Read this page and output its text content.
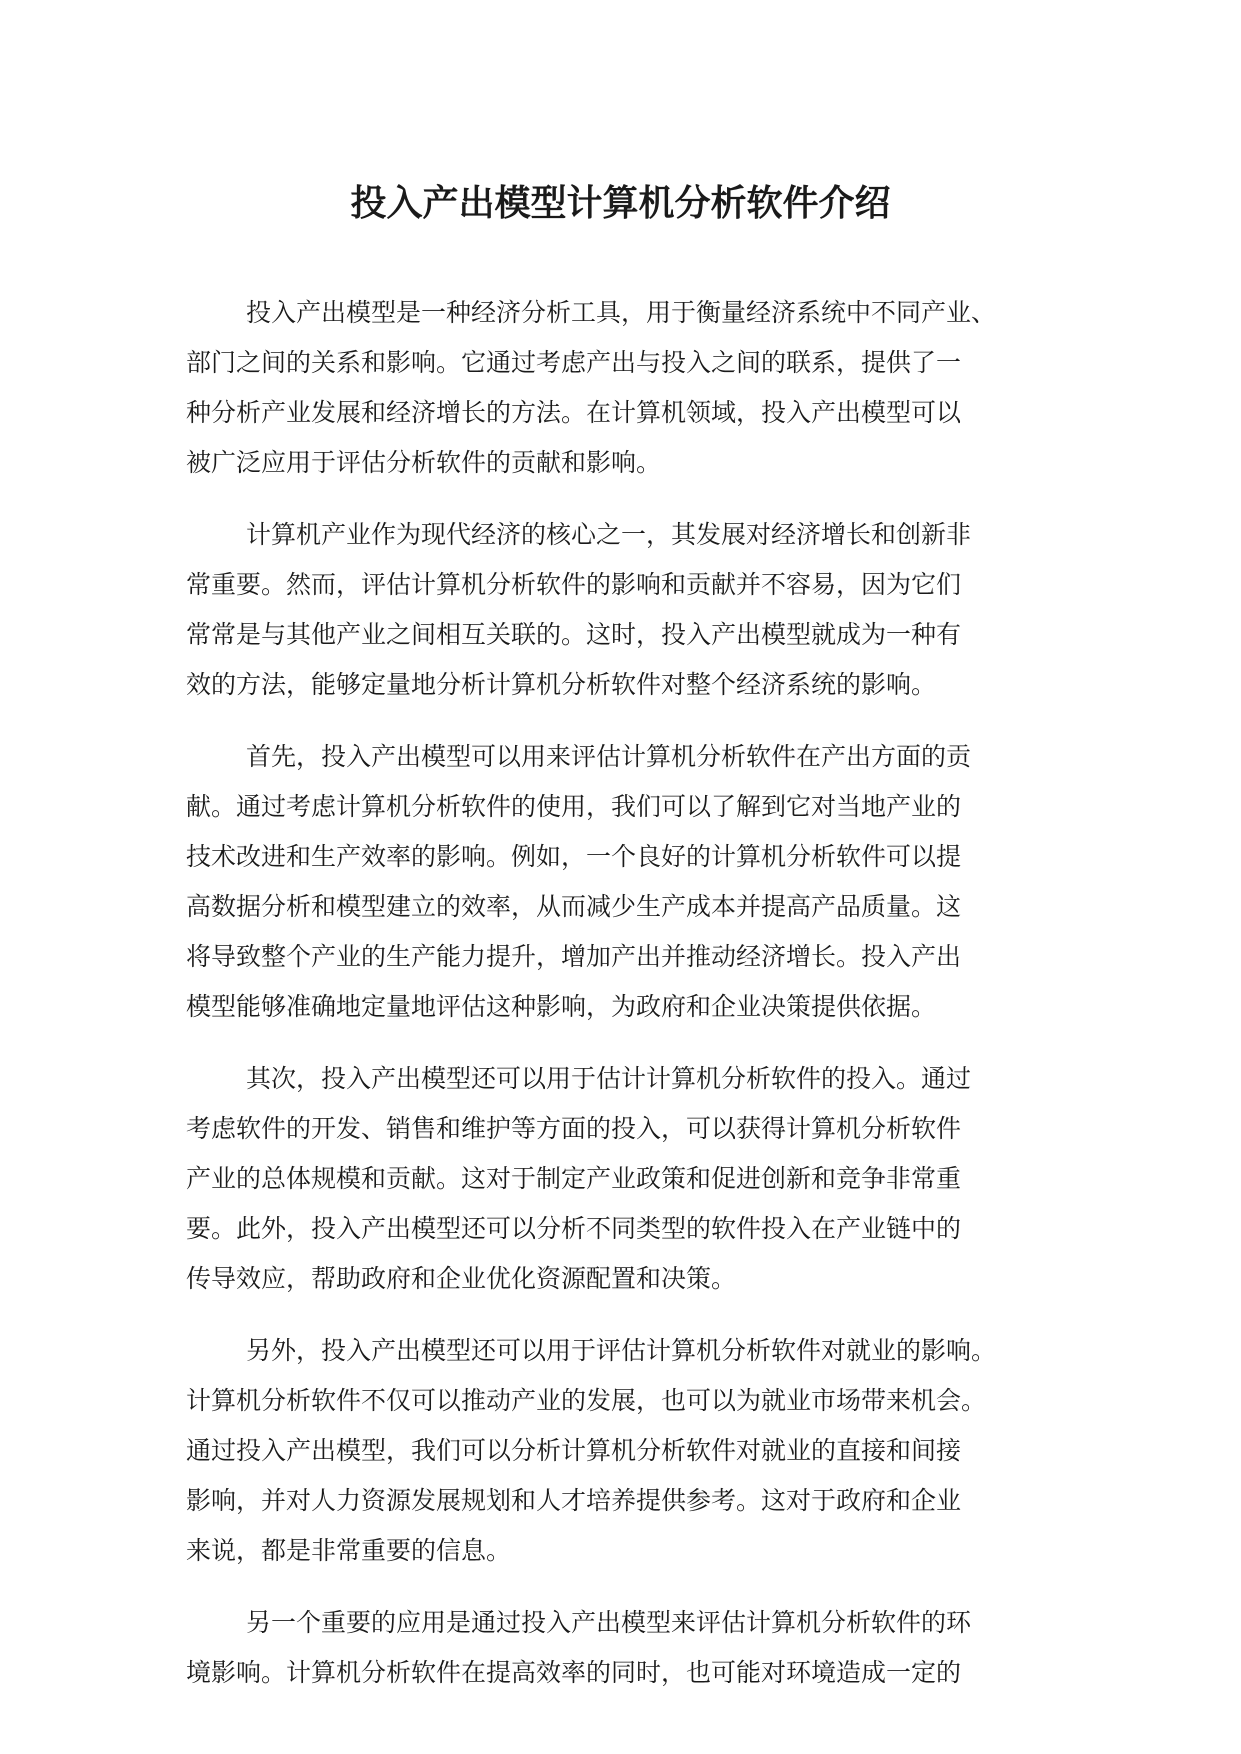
投入产出模型计算机分析软件介绍

投入产出模型是一种经济分析工具，用于衡量经济系统中不同产业、
部门之间的关系和影响。它通过考虑产出与投入之间的联系，提供了一
种分析产业发展和经济增长的方法。在计算机领域，投入产出模型可以
被广泛应用于评估分析软件的贡献和影响。

计算机产业作为现代经济的核心之一，其发展对经济增长和创新非
常重要。然而，评估计算机分析软件的影响和贡献并不容易，因为它们
常常是与其他产业之间相互关联的。这时，投入产出模型就成为一种有
效的方法，能够定量地分析计算机分析软件对整个经济系统的影响。

首先，投入产出模型可以用来评估计算机分析软件在产出方面的贡
献。通过考虑计算机分析软件的使用，我们可以了解到它对当地产业的
技术改进和生产效率的影响。例如，一个良好的计算机分析软件可以提
高数据分析和模型建立的效率，从而减少生产成本并提高产品质量。这
将导致整个产业的生产能力提升，增加产出并推动经济增长。投入产出
模型能够准确地定量地评估这种影响，为政府和企业决策提供依据。

其次，投入产出模型还可以用于估计计算机分析软件的投入。通过
考虑软件的开发、销售和维护等方面的投入，可以获得计算机分析软件
产业的总体规模和贡献。这对于制定产业政策和促进创新和竞争非常重
要。此外，投入产出模型还可以分析不同类型的软件投入在产业链中的
传导效应，帮助政府和企业优化资源配置和决策。

另外，投入产出模型还可以用于评估计算机分析软件对就业的影响。
计算机分析软件不仅可以推动产业的发展，也可以为就业市场带来机会。
通过投入产出模型，我们可以分析计算机分析软件对就业的直接和间接
影响，并对人力资源发展规划和人才培养提供参考。这对于政府和企业
来说，都是非常重要的信息。

另一个重要的应用是通过投入产出模型来评估计算机分析软件的环
境影响。计算机分析软件在提高效率的同时，也可能对环境造成一定的
